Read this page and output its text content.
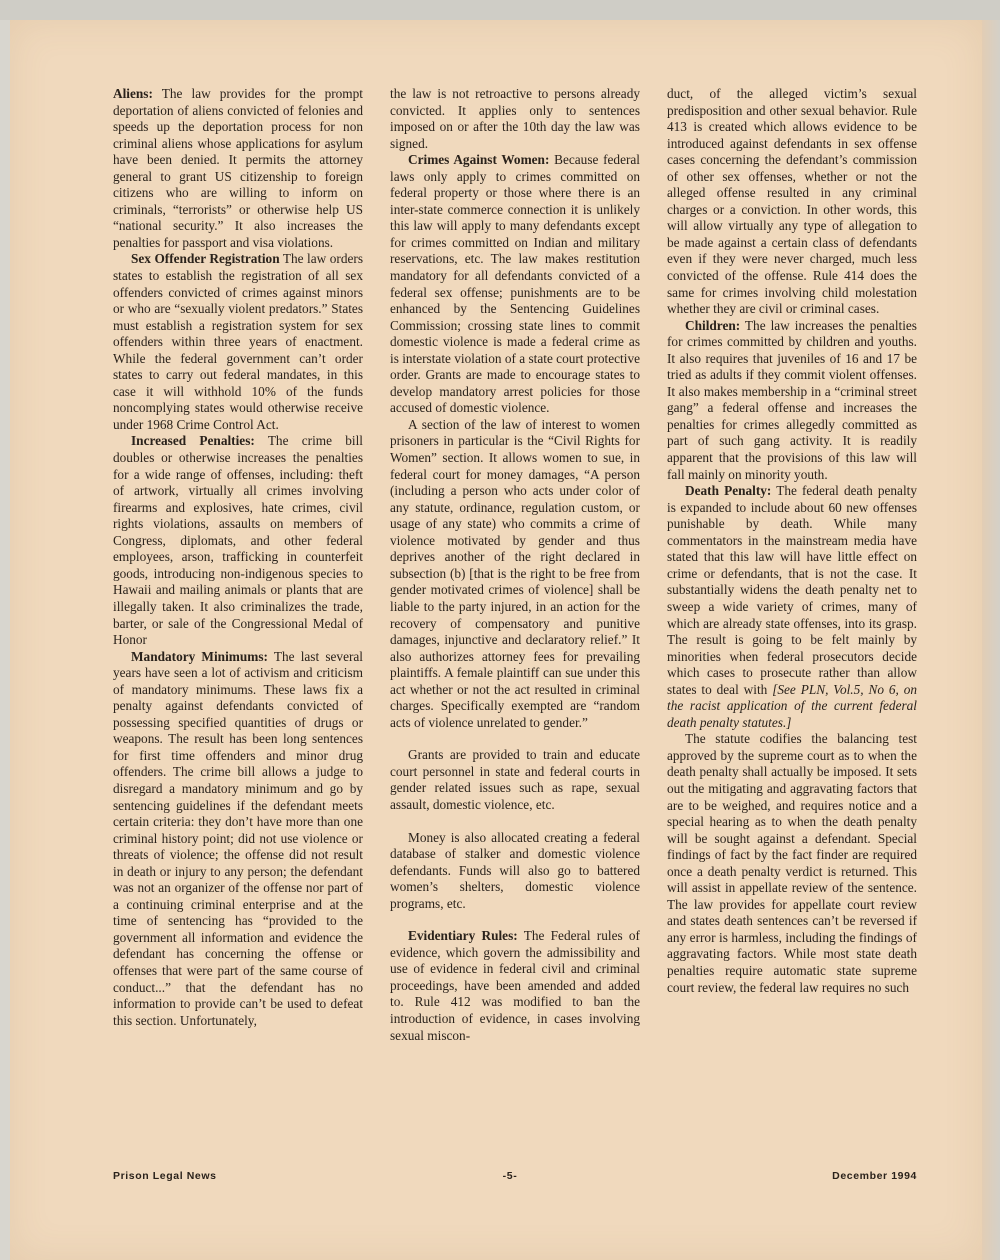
Aliens: The law provides for the prompt deportation of aliens convicted of felonies and speeds up the deportation process for non criminal aliens whose applications for asylum have been denied. It permits the attorney general to grant US citizenship to foreign citizens who are willing to inform on criminals, “terrorists” or otherwise help US “national security.” It also increases the penalties for passport and visa violations.

Sex Offender Registration The law orders states to establish the registration of all sex offenders convicted of crimes against minors or who are “sexually violent predators.” States must establish a registration system for sex offenders within three years of enactment. While the federal government can’t order states to carry out federal mandates, in this case it will withhold 10% of the funds noncomplying states would otherwise receive under 1968 Crime Control Act.

Increased Penalties: The crime bill doubles or otherwise increases the penalties for a wide range of offenses, including: theft of artwork, virtually all crimes involving firearms and explosives, hate crimes, civil rights violations, assaults on members of Congress, diplomats, and other federal employees, arson, trafficking in counterfeit goods, introducing non-indigenous species to Hawaii and mailing animals or plants that are illegally taken. It also criminalizes the trade, barter, or sale of the Congressional Medal of Honor

Mandatory Minimums: The last several years have seen a lot of activism and criticism of mandatory minimums. These laws fix a penalty against defendants convicted of possessing specified quantities of drugs or weapons. The result has been long sentences for first time offenders and minor drug offenders. The crime bill allows a judge to disregard a mandatory minimum and go by sentencing guidelines if the defendant meets certain criteria: they don’t have more than one criminal history point; did not use violence or threats of violence; the offense did not result in death or injury to any person; the defendant was not an organizer of the offense nor part of a continuing criminal enterprise and at the time of sentencing has “provided to the government all information and evidence the defendant has concerning the offense or offenses that were part of the same course of conduct...” that the defendant has no information to provide can’t be used to defeat this section. Unfortunately,

the law is not retroactive to persons already convicted. It applies only to sentences imposed on or after the 10th day the law was signed.

Crimes Against Women: Because federal laws only apply to crimes committed on federal property or those where there is an inter-state commerce connection it is unlikely this law will apply to many defendants except for crimes committed on Indian and military reservations, etc. The law makes restitution mandatory for all defendants convicted of a federal sex offense; punishments are to be enhanced by the Sentencing Guidelines Commission; crossing state lines to commit domestic violence is made a federal crime as is interstate violation of a state court protective order. Grants are made to encourage states to develop mandatory arrest policies for those accused of domestic violence.

A section of the law of interest to women prisoners in particular is the “Civil Rights for Women” section. It allows women to sue, in federal court for money damages, “A person (including a person who acts under color of any statute, ordinance, regulation custom, or usage of any state) who commits a crime of violence motivated by gender and thus deprives another of the right declared in subsection (b) [that is the right to be free from gender motivated crimes of violence] shall be liable to the party injured, in an action for the recovery of compensatory and punitive damages, injunctive and declaratory relief.” It also authorizes attorney fees for prevailing plaintiffs. A female plaintiff can sue under this act whether or not the act resulted in criminal charges. Specifically exempted are “random acts of violence unrelated to gender.”

Grants are provided to train and educate court personnel in state and federal courts in gender related issues such as rape, sexual assault, domestic violence, etc.

Money is also allocated creating a federal database of stalker and domestic violence defendants. Funds will also go to battered women’s shelters, domestic violence programs, etc.

Evidentiary Rules: The Federal rules of evidence, which govern the admissibility and use of evidence in federal civil and criminal proceedings, have been amended and added to. Rule 412 was modified to ban the introduction of evidence, in cases involving sexual miscon-

duct, of the alleged victim’s sexual predisposition and other sexual behavior. Rule 413 is created which allows evidence to be introduced against defendants in sex offense cases concerning the defendant’s commission of other sex offenses, whether or not the alleged offense resulted in any criminal charges or a conviction. In other words, this will allow virtually any type of allegation to be made against a certain class of defendants even if they were never charged, much less convicted of the offense. Rule 414 does the same for crimes involving child molestation whether they are civil or criminal cases.

Children: The law increases the penalties for crimes committed by children and youths. It also requires that juveniles of 16 and 17 be tried as adults if they commit violent offenses. It also makes membership in a “criminal street gang” a federal offense and increases the penalties for crimes allegedly committed as part of such gang activity. It is readily apparent that the provisions of this law will fall mainly on minority youth.

Death Penalty: The federal death penalty is expanded to include about 60 new offenses punishable by death. While many commentators in the mainstream media have stated that this law will have little effect on crime or defendants, that is not the case. It substantially widens the death penalty net to sweep a wide variety of crimes, many of which are already state offenses, into its grasp. The result is going to be felt mainly by minorities when federal prosecutors decide which cases to prosecute rather than allow states to deal with [See PLN, Vol.5, No 6, on the racist application of the current federal death penalty statutes.]

The statute codifies the balancing test approved by the supreme court as to when the death penalty shall actually be imposed. It sets out the mitigating and aggravating factors that are to be weighed, and requires notice and a special hearing as to when the death penalty will be sought against a defendant. Special findings of fact by the fact finder are required once a death penalty verdict is returned. This will assist in appellate review of the sentence. The law provides for appellate court review and states death sentences can’t be reversed if any error is harmless, including the findings of aggravating factors. While most state death penalties require automatic state supreme court review, the federal law requires no such

Prison Legal News	-5-	December 1994
